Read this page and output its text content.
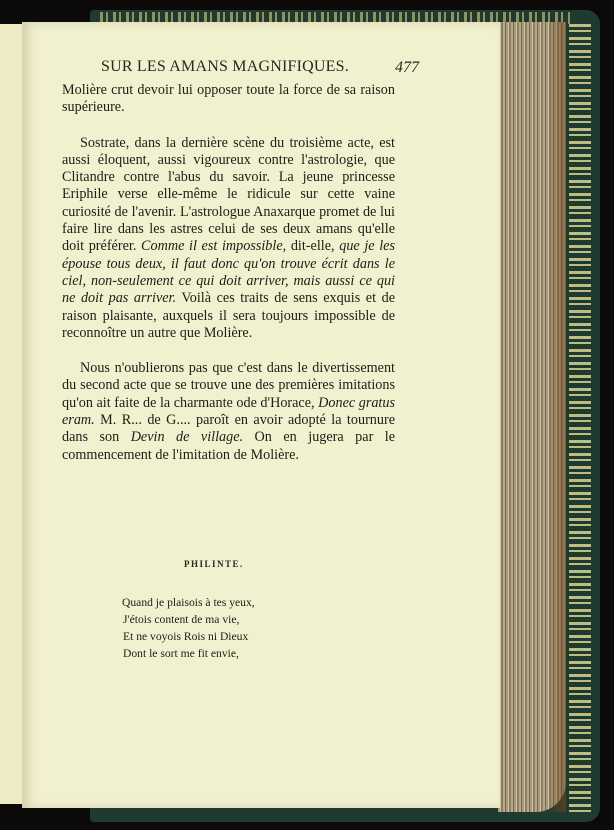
SUR LES AMANS MAGNIFIQUES.	477

Molière crut devoir lui opposer toute la force de sa raison supérieure.

Sostrate, dans la dernière scène du troisième acte, est aussi éloquent, aussi vigoureux contre l'astrologie, que Clitandre contre l'abus du savoir. La jeune princesse Eriphile verse elle-même le ridicule sur cette vaine curiosité de l'avenir. L'astrologue Anaxarque promet de lui faire lire dans les astres celui de ses deux amans qu'elle doit préférer. Comme il est impossible, dit-elle, que je les épouse tous deux, il faut donc qu'on trouve écrit dans le ciel, non-seulement ce qui doit arriver, mais aussi ce qui ne doit pas arriver. Voilà ces traits de sens exquis et de raison plaisante, auxquels il sera toujours impossible de reconnoître un autre que Molière.

Nous n'oublierons pas que c'est dans le divertissement du second acte que se trouve une des premières imitations qu'on ait faite de la charmante ode d'Horace, Donec gratus eram. M. R... de G.... paroît en avoir adopté la tournure dans son Devin de village. On en jugera par le commencement de l'imitation de Molière.

PHILINTE.
Quand je plaisois à tes yeux,
J'étois content de ma vie,
Et ne voyois Rois ni Dieux
Dont le sort me fit envie,
